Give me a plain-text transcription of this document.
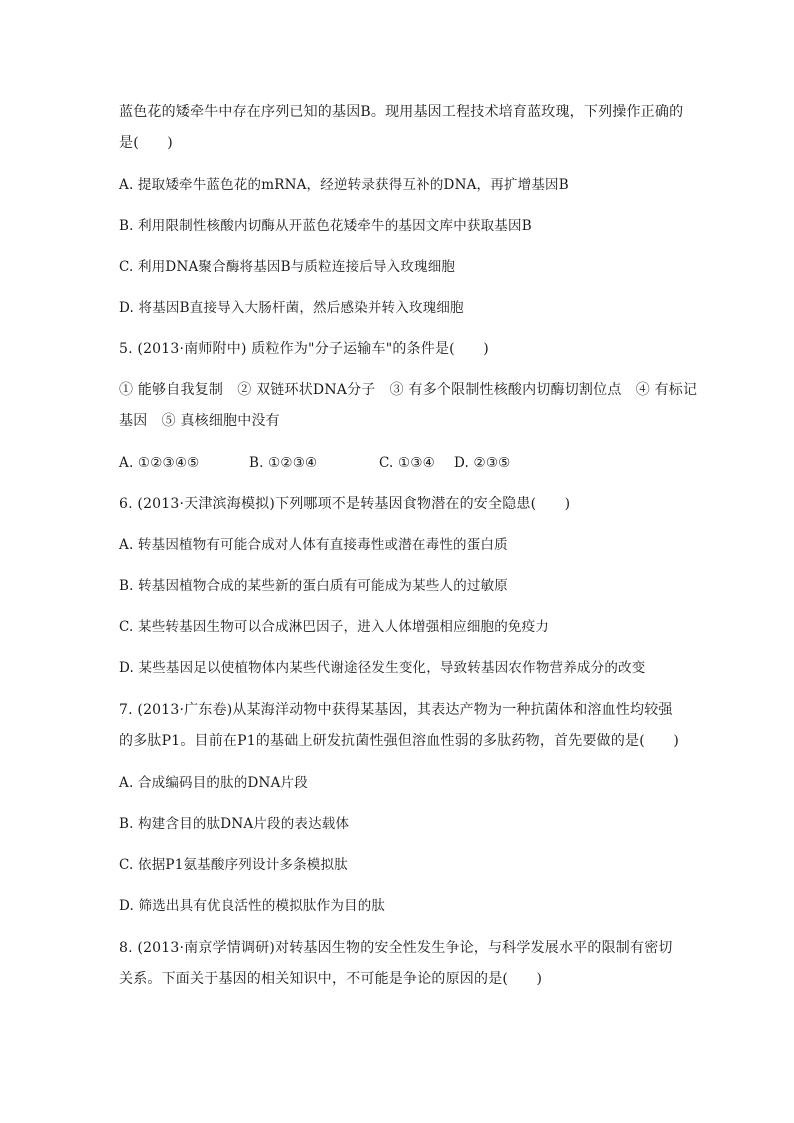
蓝色花的矮牵牛中存在序列已知的基因B。现用基因工程技术培育蓝玫瑰，下列操作正确的
是(　　)
A. 提取矮牵牛蓝色花的mRNA，经逆转录获得互补的DNA，再扩增基因B
B. 利用限制性核酸内切酶从开蓝色花矮牵牛的基因文库中获取基因B
C. 利用DNA聚合酶将基因B与质粒连接后导入玫瑰细胞
D. 将基因B直接导入大肠杆菌，然后感染并转入玫瑰细胞
5. (2013·南师附中) 质粒作为"分子运输车"的条件是(　　)
① 能够自我复制　② 双链环状DNA分子　③ 有多个限制性核酸内切酶切割位点　④ 有标记
基因　⑤ 真核细胞中没有
A. ①②③④⑤	B. ①②③④	C. ①③④ D. ②③⑤
6. (2013·天津滨海模拟)下列哪项不是转基因食物潜在的安全隐患(　　)
A. 转基因植物有可能合成对人体有直接毒性或潜在毒性的蛋白质
B. 转基因植物合成的某些新的蛋白质有可能成为某些人的过敏原
C. 某些转基因生物可以合成淋巴因子，进入人体增强相应细胞的免疫力
D. 某些基因足以使植物体内某些代谢途径发生变化，导致转基因农作物营养成分的改变
7. (2013·广东卷)从某海洋动物中获得某基因，其表达产物为一种抗菌体和溶血性均较强
的多肽P1。目前在P1的基础上研发抗菌性强但溶血性弱的多肽药物，首先要做的是(　　)
A. 合成编码目的肽的DNA片段
B. 构建含目的肽DNA片段的表达载体
C. 依据P1氨基酸序列设计多条模拟肽
D. 筛选出具有优良活性的模拟肽作为目的肽
8. (2013·南京学情调研)对转基因生物的安全性发生争论，与科学发展水平的限制有密切
关系。下面关于基因的相关知识中，不可能是争论的原因的是(　　)
